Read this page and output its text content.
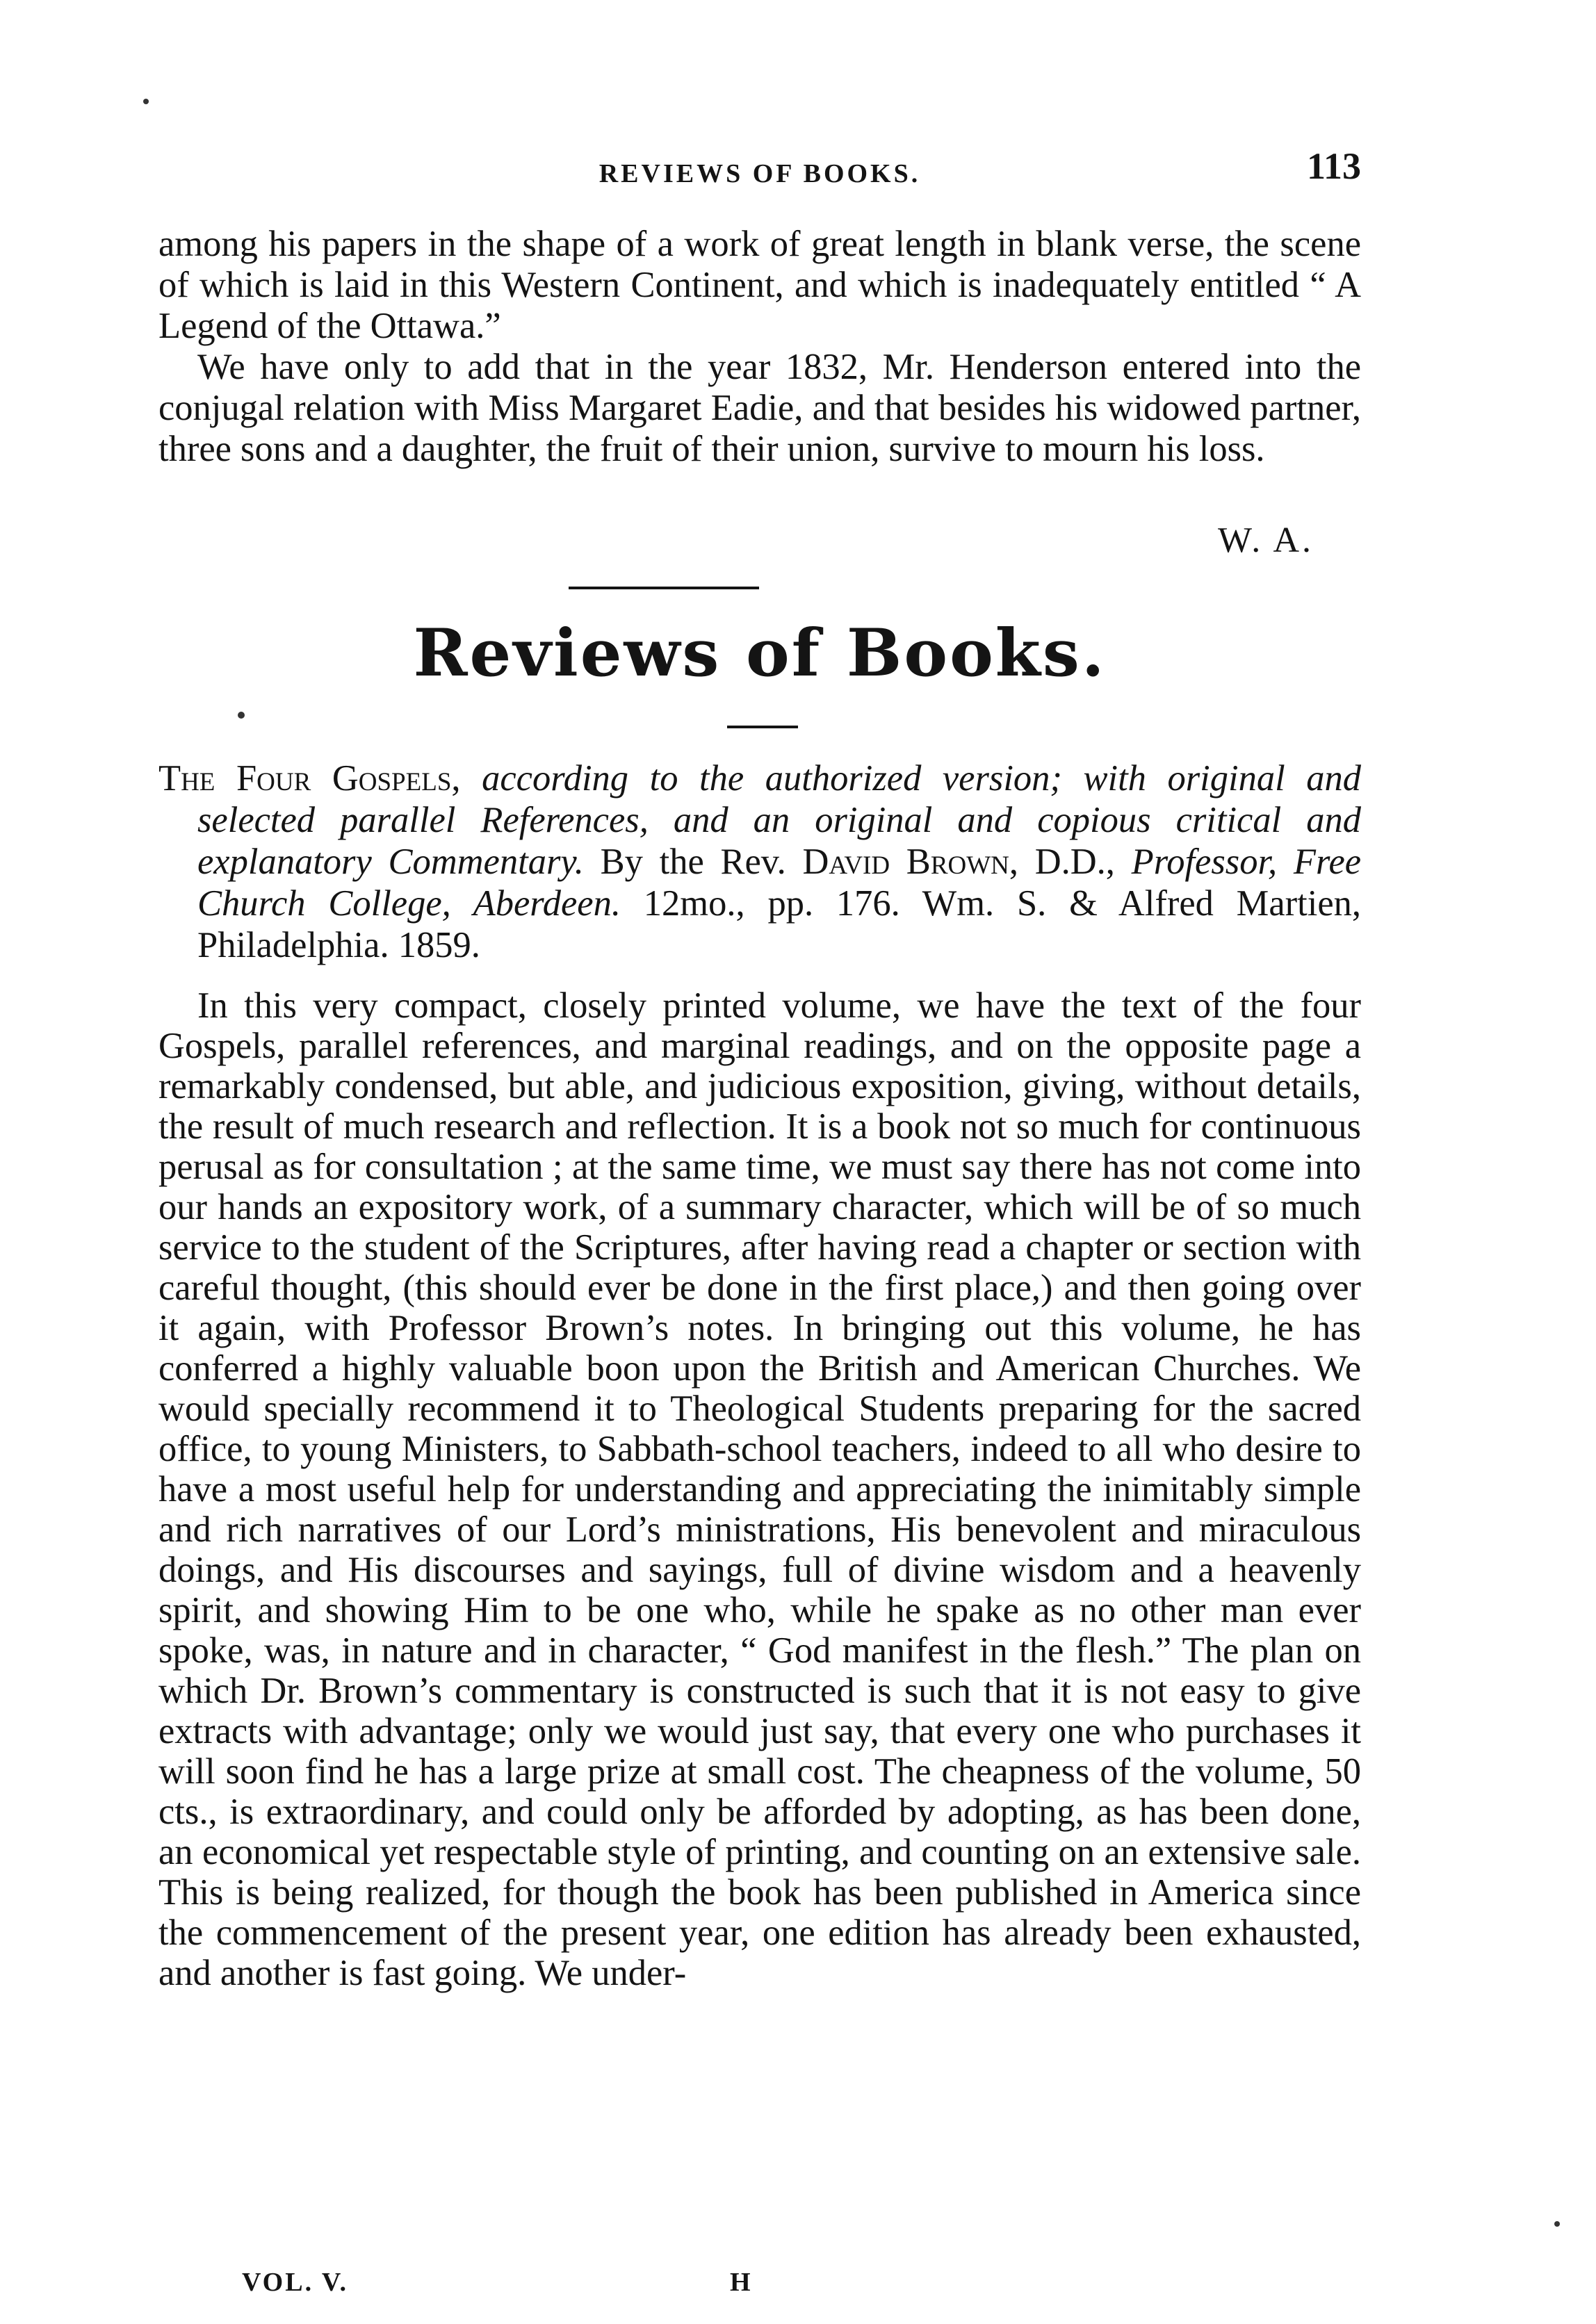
REVIEWS OF BOOKS.	113

among his papers in the shape of a work of great length in blank verse, the scene of which is laid in this Western Continent, and which is inadequately entitled “ A Legend of the Ottawa.”

We have only to add that in the year 1832, Mr. Henderson entered into the conjugal relation with Miss Margaret Eadie, and that besides his widowed partner, three sons and a daughter, the fruit of their union, survive to mourn his loss.

W. A.
Reviews of Books.
The Four Gospels, according to the authorized version; with original and selected parallel References, and an original and copious critical and explanatory Commentary. By the Rev. David Brown, D.D., Professor, Free Church College, Aberdeen. 12mo., pp. 176. Wm. S. & Alfred Martien, Philadelphia. 1859.
In this very compact, closely printed volume, we have the text of the four Gospels, parallel references, and marginal readings, and on the opposite page a remarkably condensed, but able, and judicious exposition, giving, without details, the result of much research and reflection. It is a book not so much for continuous perusal as for consultation ; at the same time, we must say there has not come into our hands an expository work, of a summary character, which will be of so much service to the student of the Scriptures, after having read a chapter or section with careful thought, (this should ever be done in the first place,) and then going over it again, with Professor Brown’s notes. In bringing out this volume, he has conferred a highly valuable boon upon the British and American Churches. We would specially recommend it to Theological Students preparing for the sacred office, to young Ministers, to Sabbath-school teachers, indeed to all who desire to have a most useful help for understanding and appreciating the inimitably simple and rich narratives of our Lord’s ministrations, His benevolent and miraculous doings, and His discourses and sayings, full of divine wisdom and a heavenly spirit, and showing Him to be one who, while he spake as no other man ever spoke, was, in nature and in character, “ God manifest in the flesh.” The plan on which Dr. Brown’s commentary is constructed is such that it is not easy to give extracts with advantage; only we would just say, that every one who purchases it will soon find he has a large prize at small cost. The cheapness of the volume, 50 cts., is extraordinary, and could only be afforded by adopting, as has been done, an economical yet respectable style of printing, and counting on an extensive sale. This is being realized, for though the book has been published in America since the commencement of the present year, one edition has already been exhausted, and another is fast going. We under-
VOL. V.	H
